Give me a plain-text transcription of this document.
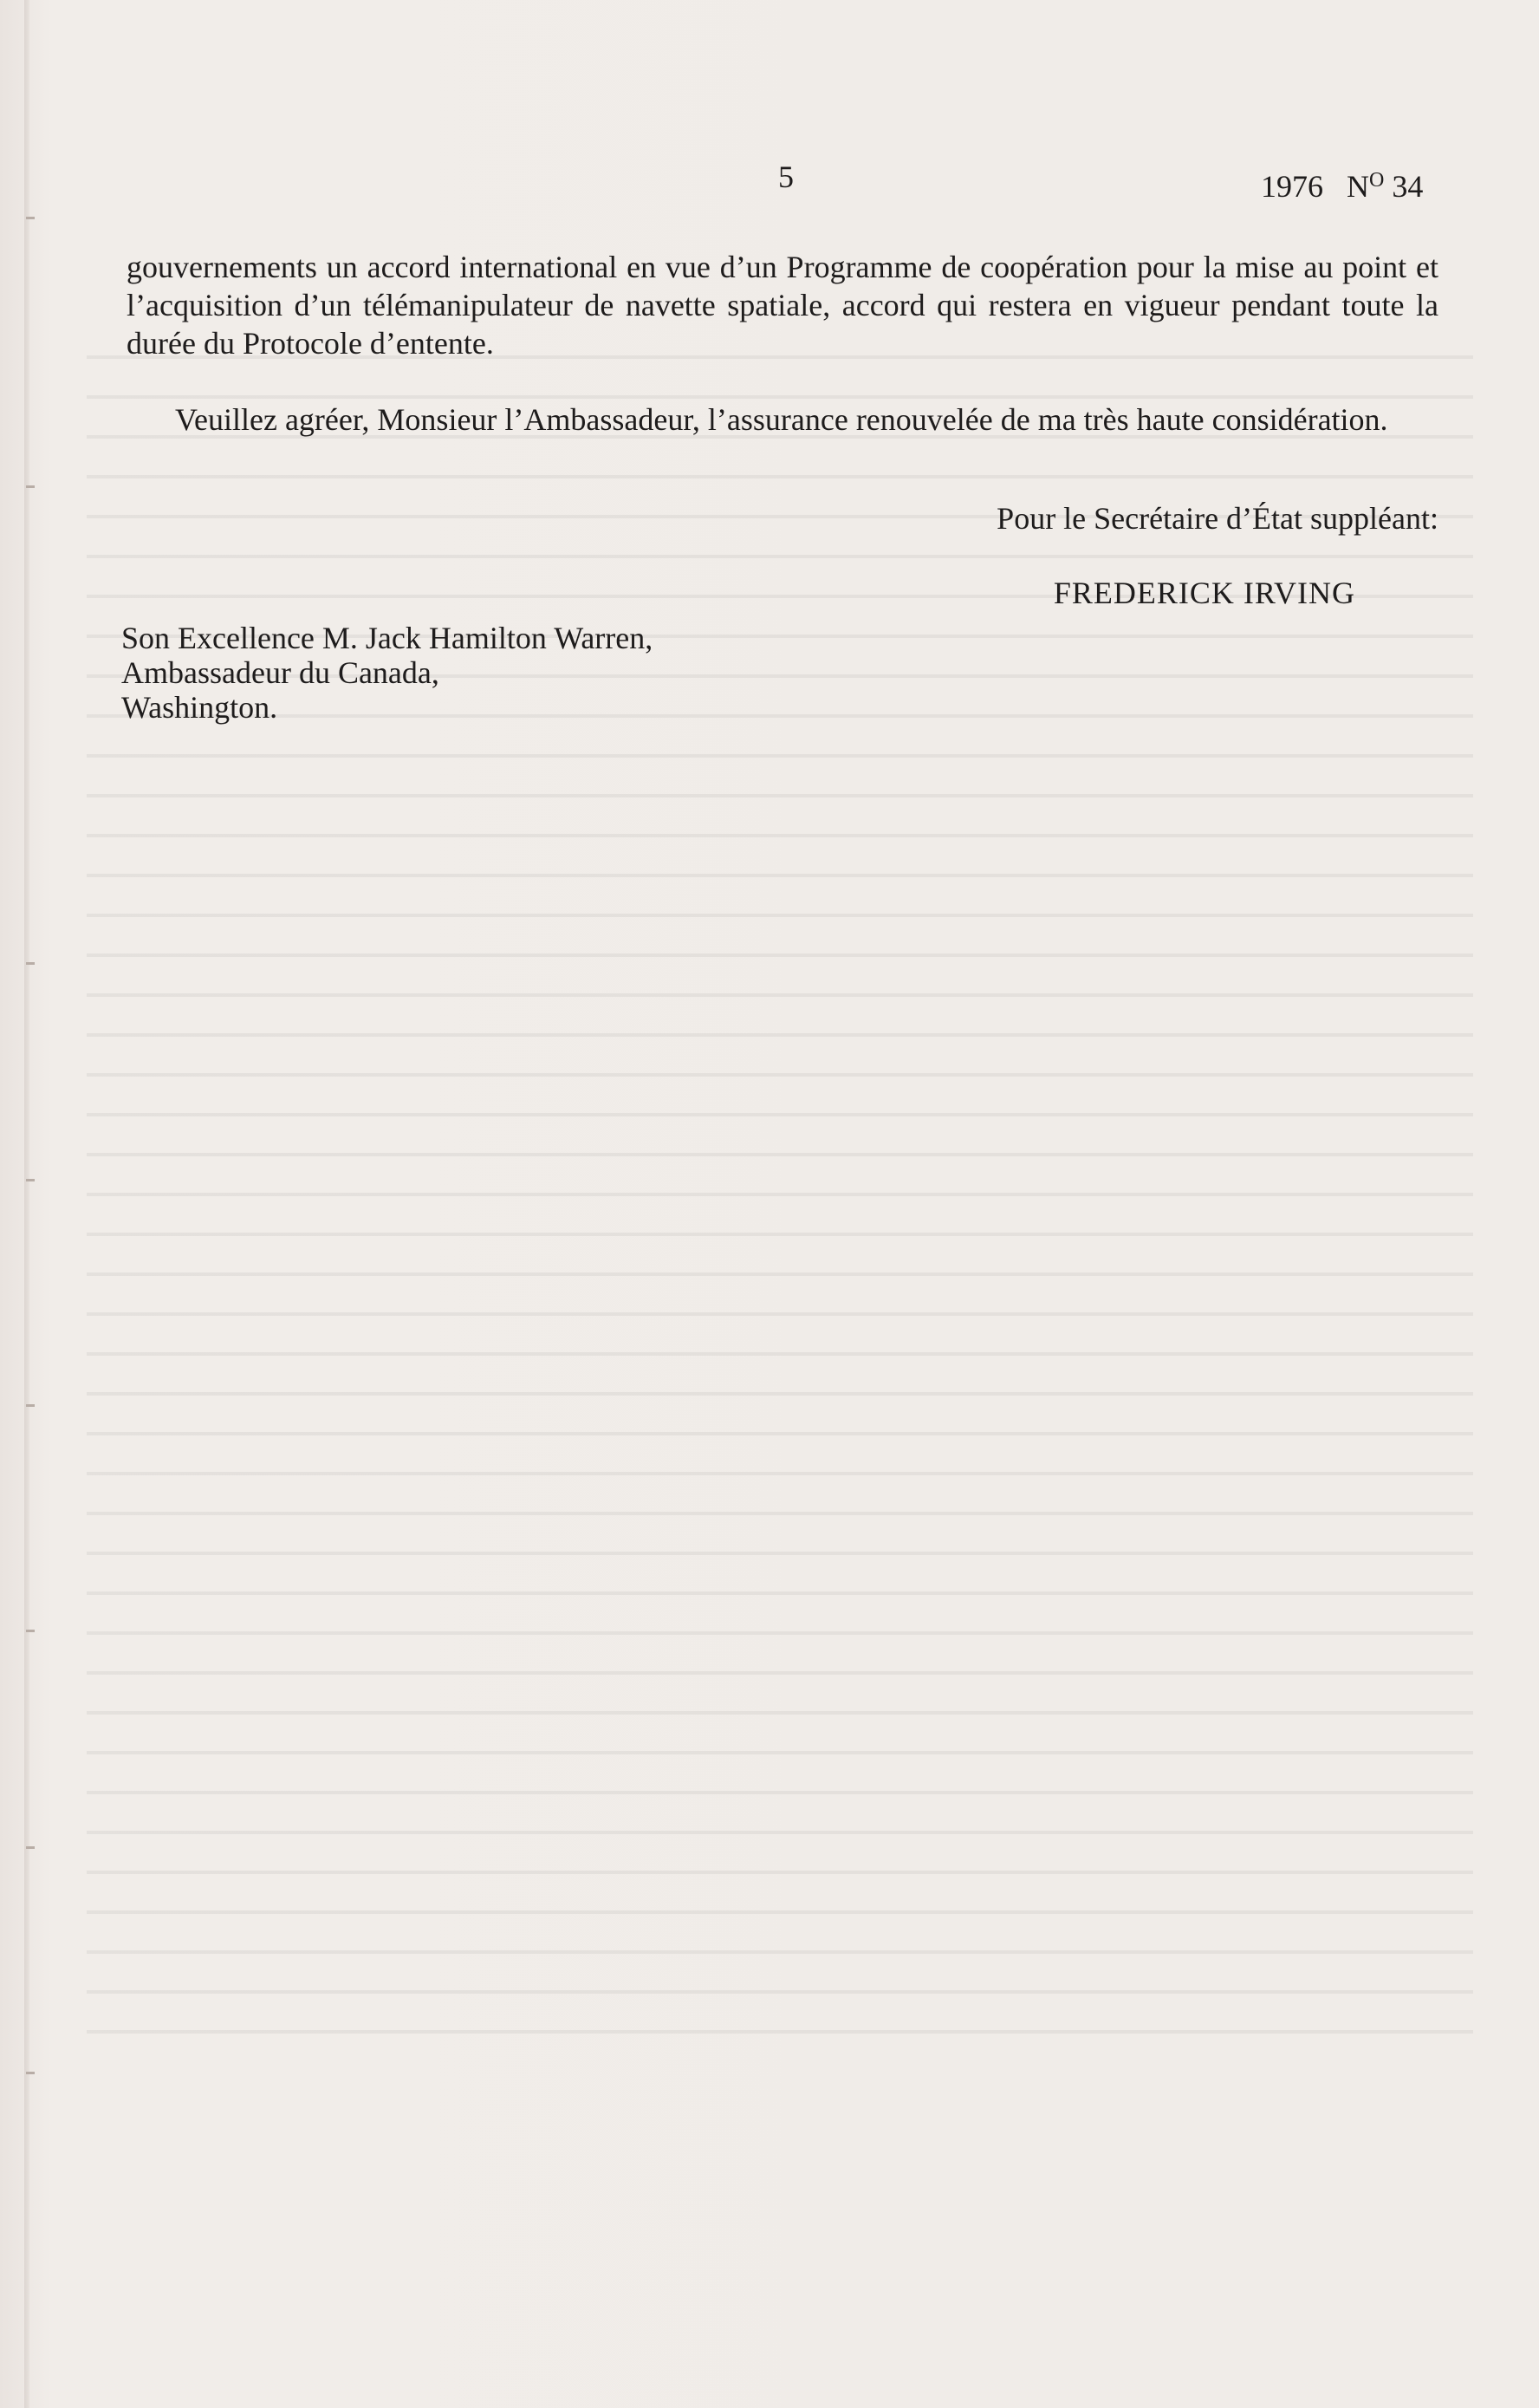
5	1976 $N^O$ 34

gouvernements un accord international en vue d’un Programme de coopération pour la mise au point et l’acquisition d’un télémanipulateur de navette spatiale, accord qui restera en vigueur pendant toute la durée du Protocole d’entente.

Veuillez agréer, Monsieur l’Ambassadeur, l’assurance renouvelée de ma très haute considération.

Pour le Secrétaire d’État suppléant:
FREDERICK IRVING
Son Excellence M. Jack Hamilton Warren,
Ambassadeur du Canada,
Washington.
